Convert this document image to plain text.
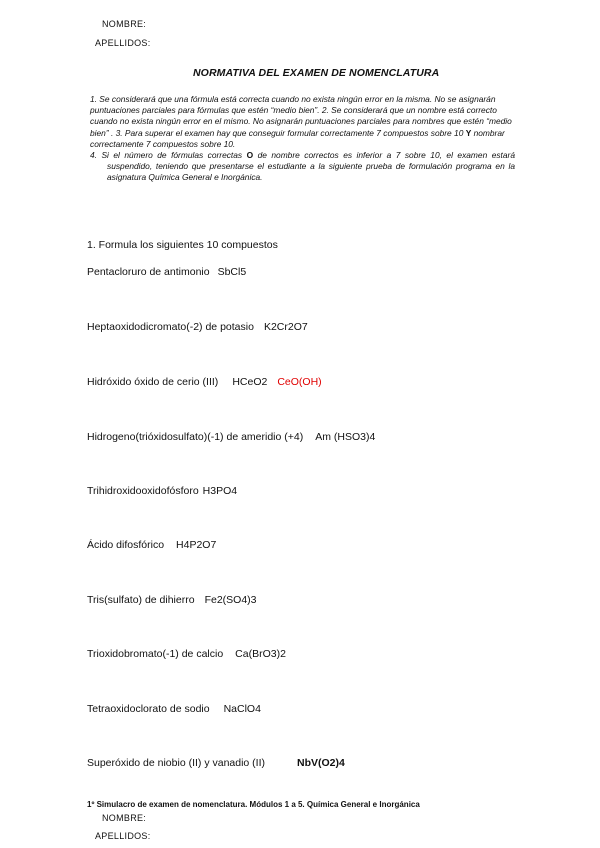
NOMBRE:
APELLIDOS:
NORMATIVA DEL EXAMEN DE NOMENCLATURA

1. Se considerará que una fórmula está correcta cuando no exista ningún error en la misma. No se asignarán puntuaciones parciales para fórmulas que estén “medio bien”. 2. Se considerará que un nombre está correcto cuando no exista ningún error en el mismo. No asignarán puntuaciones parciales para nombres que estén “medio bien” . 3. Para superar el examen hay que conseguir formular correctamente 7 compuestos sobre 10 Y nombrar correctamente 7 compuestos sobre 10.

4. Si el número de fórmulas correctas O de nombre correctos es inferior a 7 sobre 10, el examen estará suspendido, teniendo que presentarse el estudiante a la siguiente prueba de formulación programa en la asignatura Química General e Inorgánica.

1. Formula los siguientes 10 compuestos
Pentacloruro de antimonio SbCl5
Heptaoxidodicromato(-2) de potasio K2Cr2O7
Hidróxido óxido de cerio (III) HCeO2 CeO(OH)
Hidrogeno(trióxidosulfato)(-1) de ameridio (+4) Am (HSO3)4
Trihidroxidooxidofósforo H3PO4
Ácido difosfórico H4P2O7
Tris(sulfato) de dihierro Fe2(SO4)3
Trioxidobromato(-1) de calcio Ca(BrO3)2
Tetraoxidoclorato de sodio NaClO4
Superóxido de niobio (II) y vanadio (II)	NbV(O2)4
1º Simulacro de examen de nomenclatura. Módulos 1 a 5. Química General e Inorgánica
NOMBRE:
APELLIDOS:
